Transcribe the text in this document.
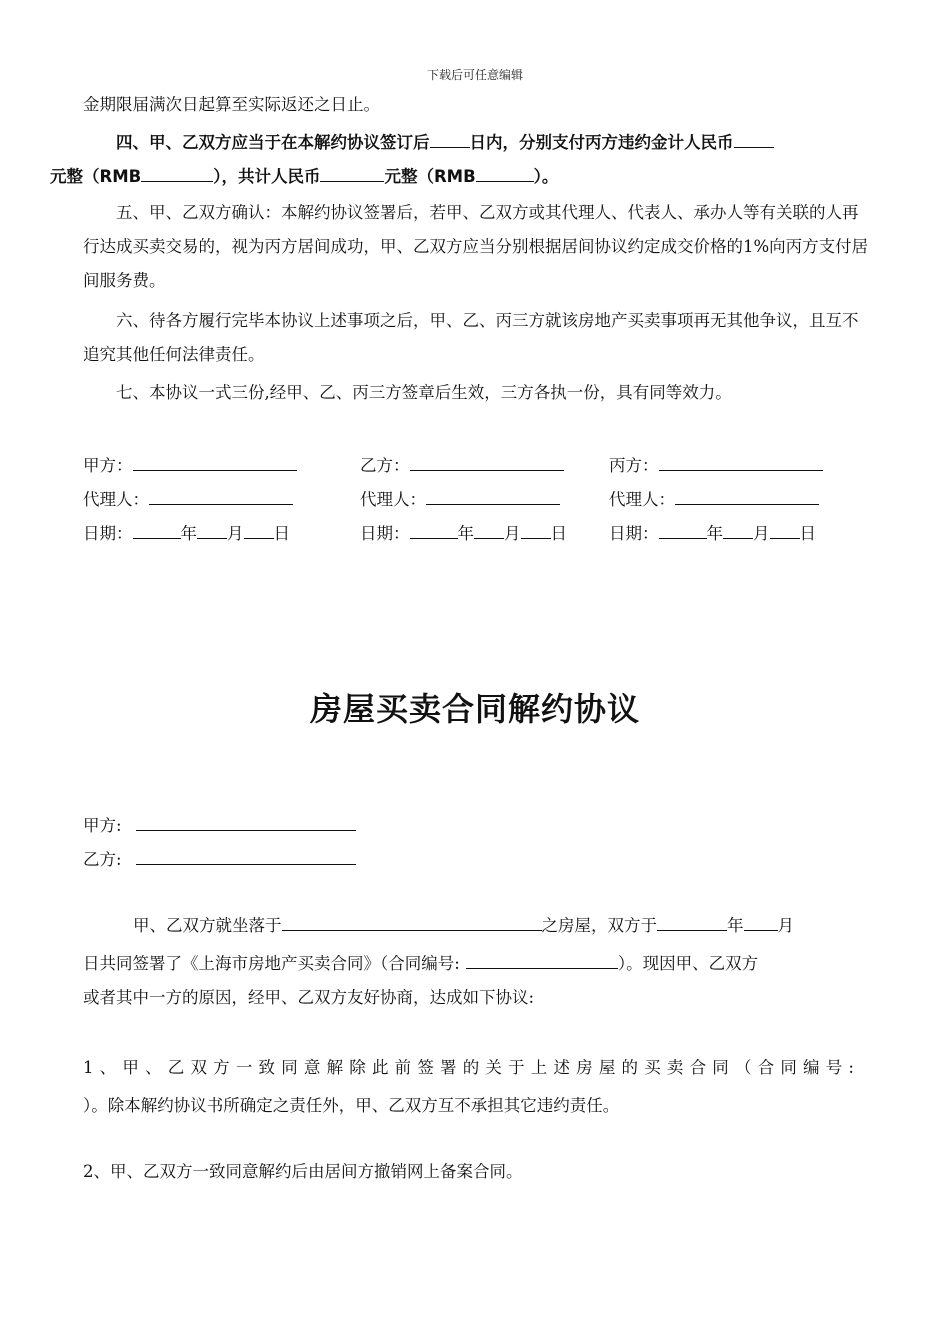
下载后可任意编辑

金期限届满次日起算至实际返还之日止。

四、甲、乙双方应当于在本解约协议签订后 日内，分别支付丙方违约金计人民币
元整（RMB	），共计人民币	元整（RMB	）。

五、甲、乙双方确认：本解约协议签署后，若甲、乙双方或其代理人、代表人、承办人等有关联的人再行达成买卖交易的，视为丙方居间成功，甲、乙双方应当分别根据居间协议约定成交价格的1%向丙方支付居间服务费。

六、待各方履行完毕本协议上述事项之后，甲、乙、丙三方就该房地产买卖事项再无其他争议，且互不追究其他任何法律责任。

七、本协议一式三份,经甲、乙、丙三方签章后生效，三方各执一份，具有同等效力。

甲方：	乙方：	丙方：
代理人：	代理人：	代理人：
日期：	年 月 日	日期：	年 月 日	日期：	年 月 日
房屋买卖合同解约协议
甲方:
乙方:
甲、乙双方就坐落于	之房屋，双方于	年 月
日共同签署了《上海市房地产买卖合同》（合同编号:	）。现因甲、乙双方
或者其中一方的原因，经甲、乙双方友好协商，达成如下协议:
1、甲、乙双方一致同意解除此前签署的关于上述房屋的买卖合同（合同编号:
）。除本解约协议书所确定之责任外，甲、乙双方互不承担其它违约责任。
2、甲、乙双方一致同意解约后由居间方撤销网上备案合同。
